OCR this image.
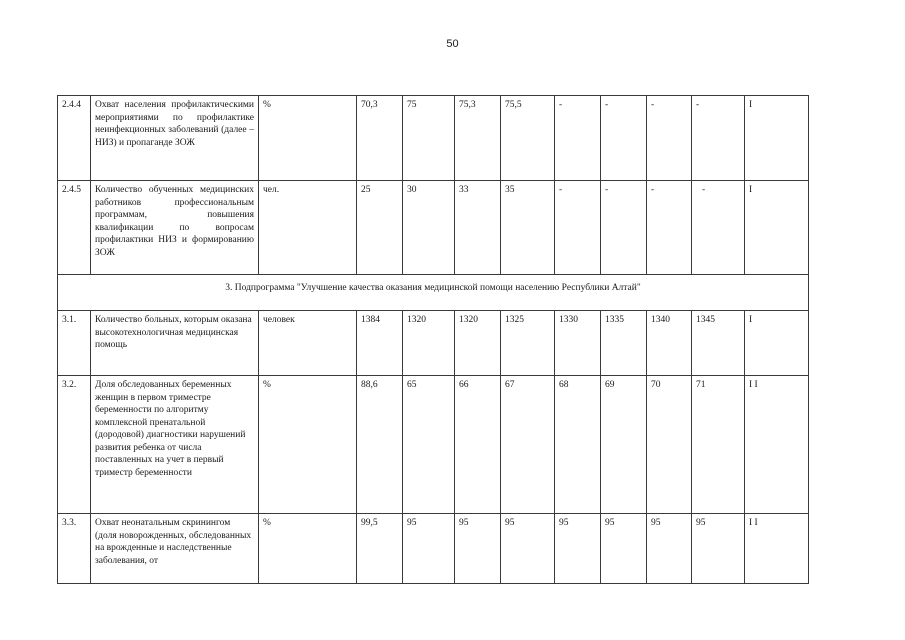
50
2.4.4	Охват населения профилактическими мероприятиями по профилактике неинфекционных заболеваний (далее – НИЗ) и пропаганде ЗОЖ	%	70,3	75	75,3	75,5	-	-	-	-	I
2.4.5	Количество обученных медицинских работников профессиональным программам, повышения квалификации по вопросам профилактики НИЗ и формированию ЗОЖ	чел.	25	30	33	35	-	-	-	-	I
3. Подпрограмма "Улучшение качества оказания медицинской помощи населению Республики Алтай"											
3.1.	Количество больных, которым оказана высокотехнологичная медицинская помощь	человек	1384	1320	1320	1325	1330	1335	1340	1345	I
3.2.	Доля обследованных беременных женщин в первом триместре беременности по алгоритму комплексной пренатальной (дородовой) диагностики нарушений развития ребенка от числа поставленных на учет в первый триместр беременности	%	88,6	65	66	67	68	69	70	71	I I
3.3.	Охват неонатальным скринингом (доля новорожденных, обследованных на врожденные и наследственные заболевания, от	%	99,5	95	95	95	95	95	95	95	I I
